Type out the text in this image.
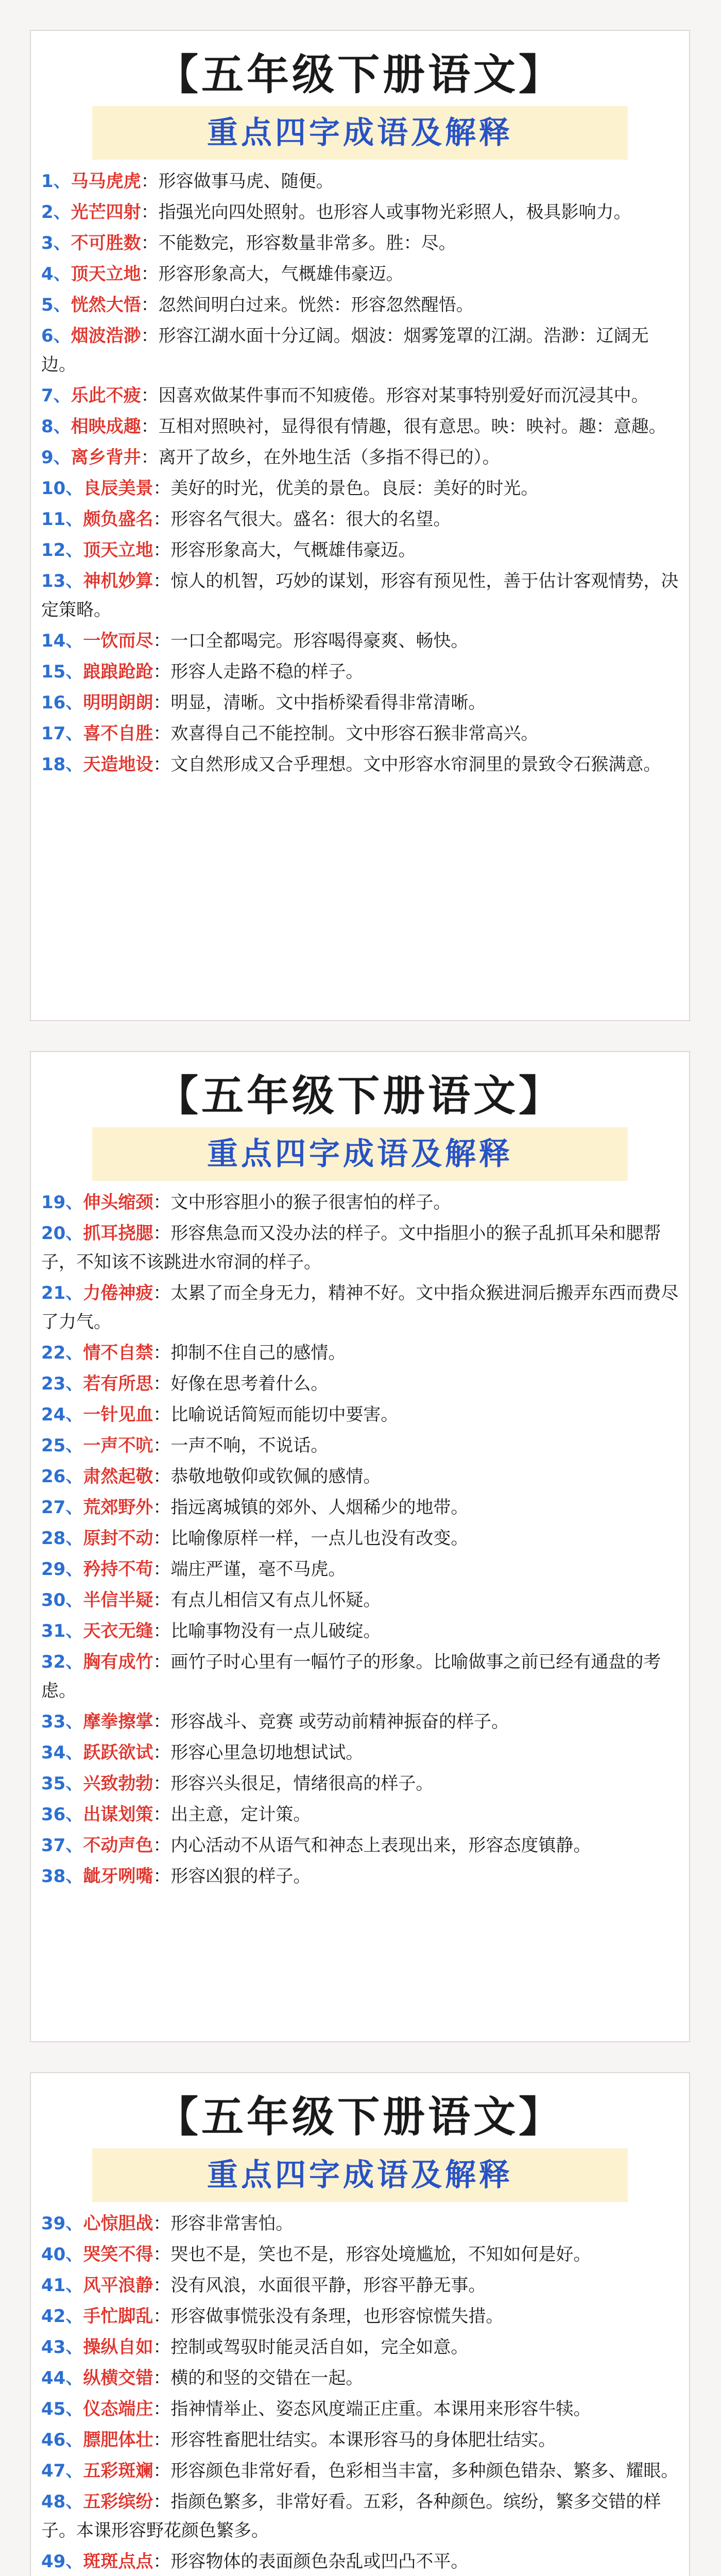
【五年级下册语文】
重点四字成语及解释
1、马马虎虎：形容做事马虎、随便。
2、光芒四射：指强光向四处照射。也形容人或事物光彩照人，极具影响力。
3、不可胜数：不能数完，形容数量非常多。胜：尽。
4、顶天立地：形容形象高大，气概雄伟豪迈。
5、恍然大悟：忽然间明白过来。恍然：形容忽然醒悟。
6、烟波浩渺：形容江湖水面十分辽阔。烟波：烟雾笼罩的江湖。浩渺：辽阔无边。
7、乐此不疲：因喜欢做某件事而不知疲倦。形容对某事特别爱好而沉浸其中。
8、相映成趣：互相对照映衬，显得很有情趣，很有意思。映：映衬。趣：意趣。
9、离乡背井：离开了故乡，在外地生活（多指不得已的）。
10、良辰美景：美好的时光，优美的景色。良辰：美好的时光。
11、颇负盛名：形容名气很大。盛名：很大的名望。
12、顶天立地：形容形象高大，气概雄伟豪迈。
13、神机妙算：惊人的机智，巧妙的谋划，形容有预见性，善于估计客观情势，决定策略。
14、一饮而尽：一口全都喝完。形容喝得豪爽、畅快。
15、踉踉跄跄：形容人走路不稳的样子。
16、明明朗朗：明显，清晰。文中指桥梁看得非常清晰。
17、喜不自胜：欢喜得自己不能控制。文中形容石猴非常高兴。
18、天造地设：文自然形成又合乎理想。文中形容水帘洞里的景致令石猴满意。
【五年级下册语文】
重点四字成语及解释
19、伸头缩颈：文中形容胆小的猴子很害怕的样子。
20、抓耳挠腮：形容焦急而又没办法的样子。文中指胆小的猴子乱抓耳朵和腮帮子，不知该不该跳进水帘洞的样子。
21、力倦神疲：太累了而全身无力，精神不好。文中指众猴进洞后搬弄东西而费尽了力气。
22、情不自禁：抑制不住自己的感情。
23、若有所思：好像在思考着什么。
24、一针见血：比喻说话简短而能切中要害。
25、一声不吭：一声不响，不说话。
26、肃然起敬：恭敬地敬仰或钦佩的感情。
27、荒郊野外：指远离城镇的郊外、人烟稀少的地带。
28、原封不动：比喻像原样一样，一点儿也没有改变。
29、矜持不苟：端庄严谨，毫不马虎。
30、半信半疑：有点儿相信又有点儿怀疑。
31、天衣无缝：比喻事物没有一点儿破绽。
32、胸有成竹：画竹子时心里有一幅竹子的形象。比喻做事之前已经有通盘的考虑。
33、摩拳擦掌：形容战斗、竞赛 或劳动前精神振奋的样子。
34、跃跃欲试：形容心里急切地想试试。
35、兴致勃勃：形容兴头很足，情绪很高的样子。
36、出谋划策：出主意，定计策。
37、不动声色：内心活动不从语气和神态上表现出来，形容态度镇静。
38、龇牙咧嘴：形容凶狠的样子。
【五年级下册语文】
重点四字成语及解释
39、心惊胆战：形容非常害怕。
40、哭笑不得：哭也不是，笑也不是，形容处境尴尬，不知如何是好。
41、风平浪静：没有风浪，水面很平静，形容平静无事。
42、手忙脚乱：形容做事慌张没有条理，也形容惊慌失措。
43、操纵自如：控制或驾驭时能灵活自如，完全如意。
44、纵横交错：横的和竖的交错在一起。
45、仪态端庄：指神情举止、姿态风度端正庄重。本课用来形容牛犊。
46、膘肥体壮：形容牲畜肥壮结实。本课形容马的身体肥壮结实。
47、五彩斑斓：形容颜色非常好看，色彩相当丰富，多种颜色错杂、繁多、耀眼。
48、五彩缤纷：指颜色繁多，非常好看。五彩，各种颜色。缤纷，繁多交错的样子。本课形容野花颜色繁多。
49、斑斑点点：形容物体的表面颜色杂乱或凹凸不平。
